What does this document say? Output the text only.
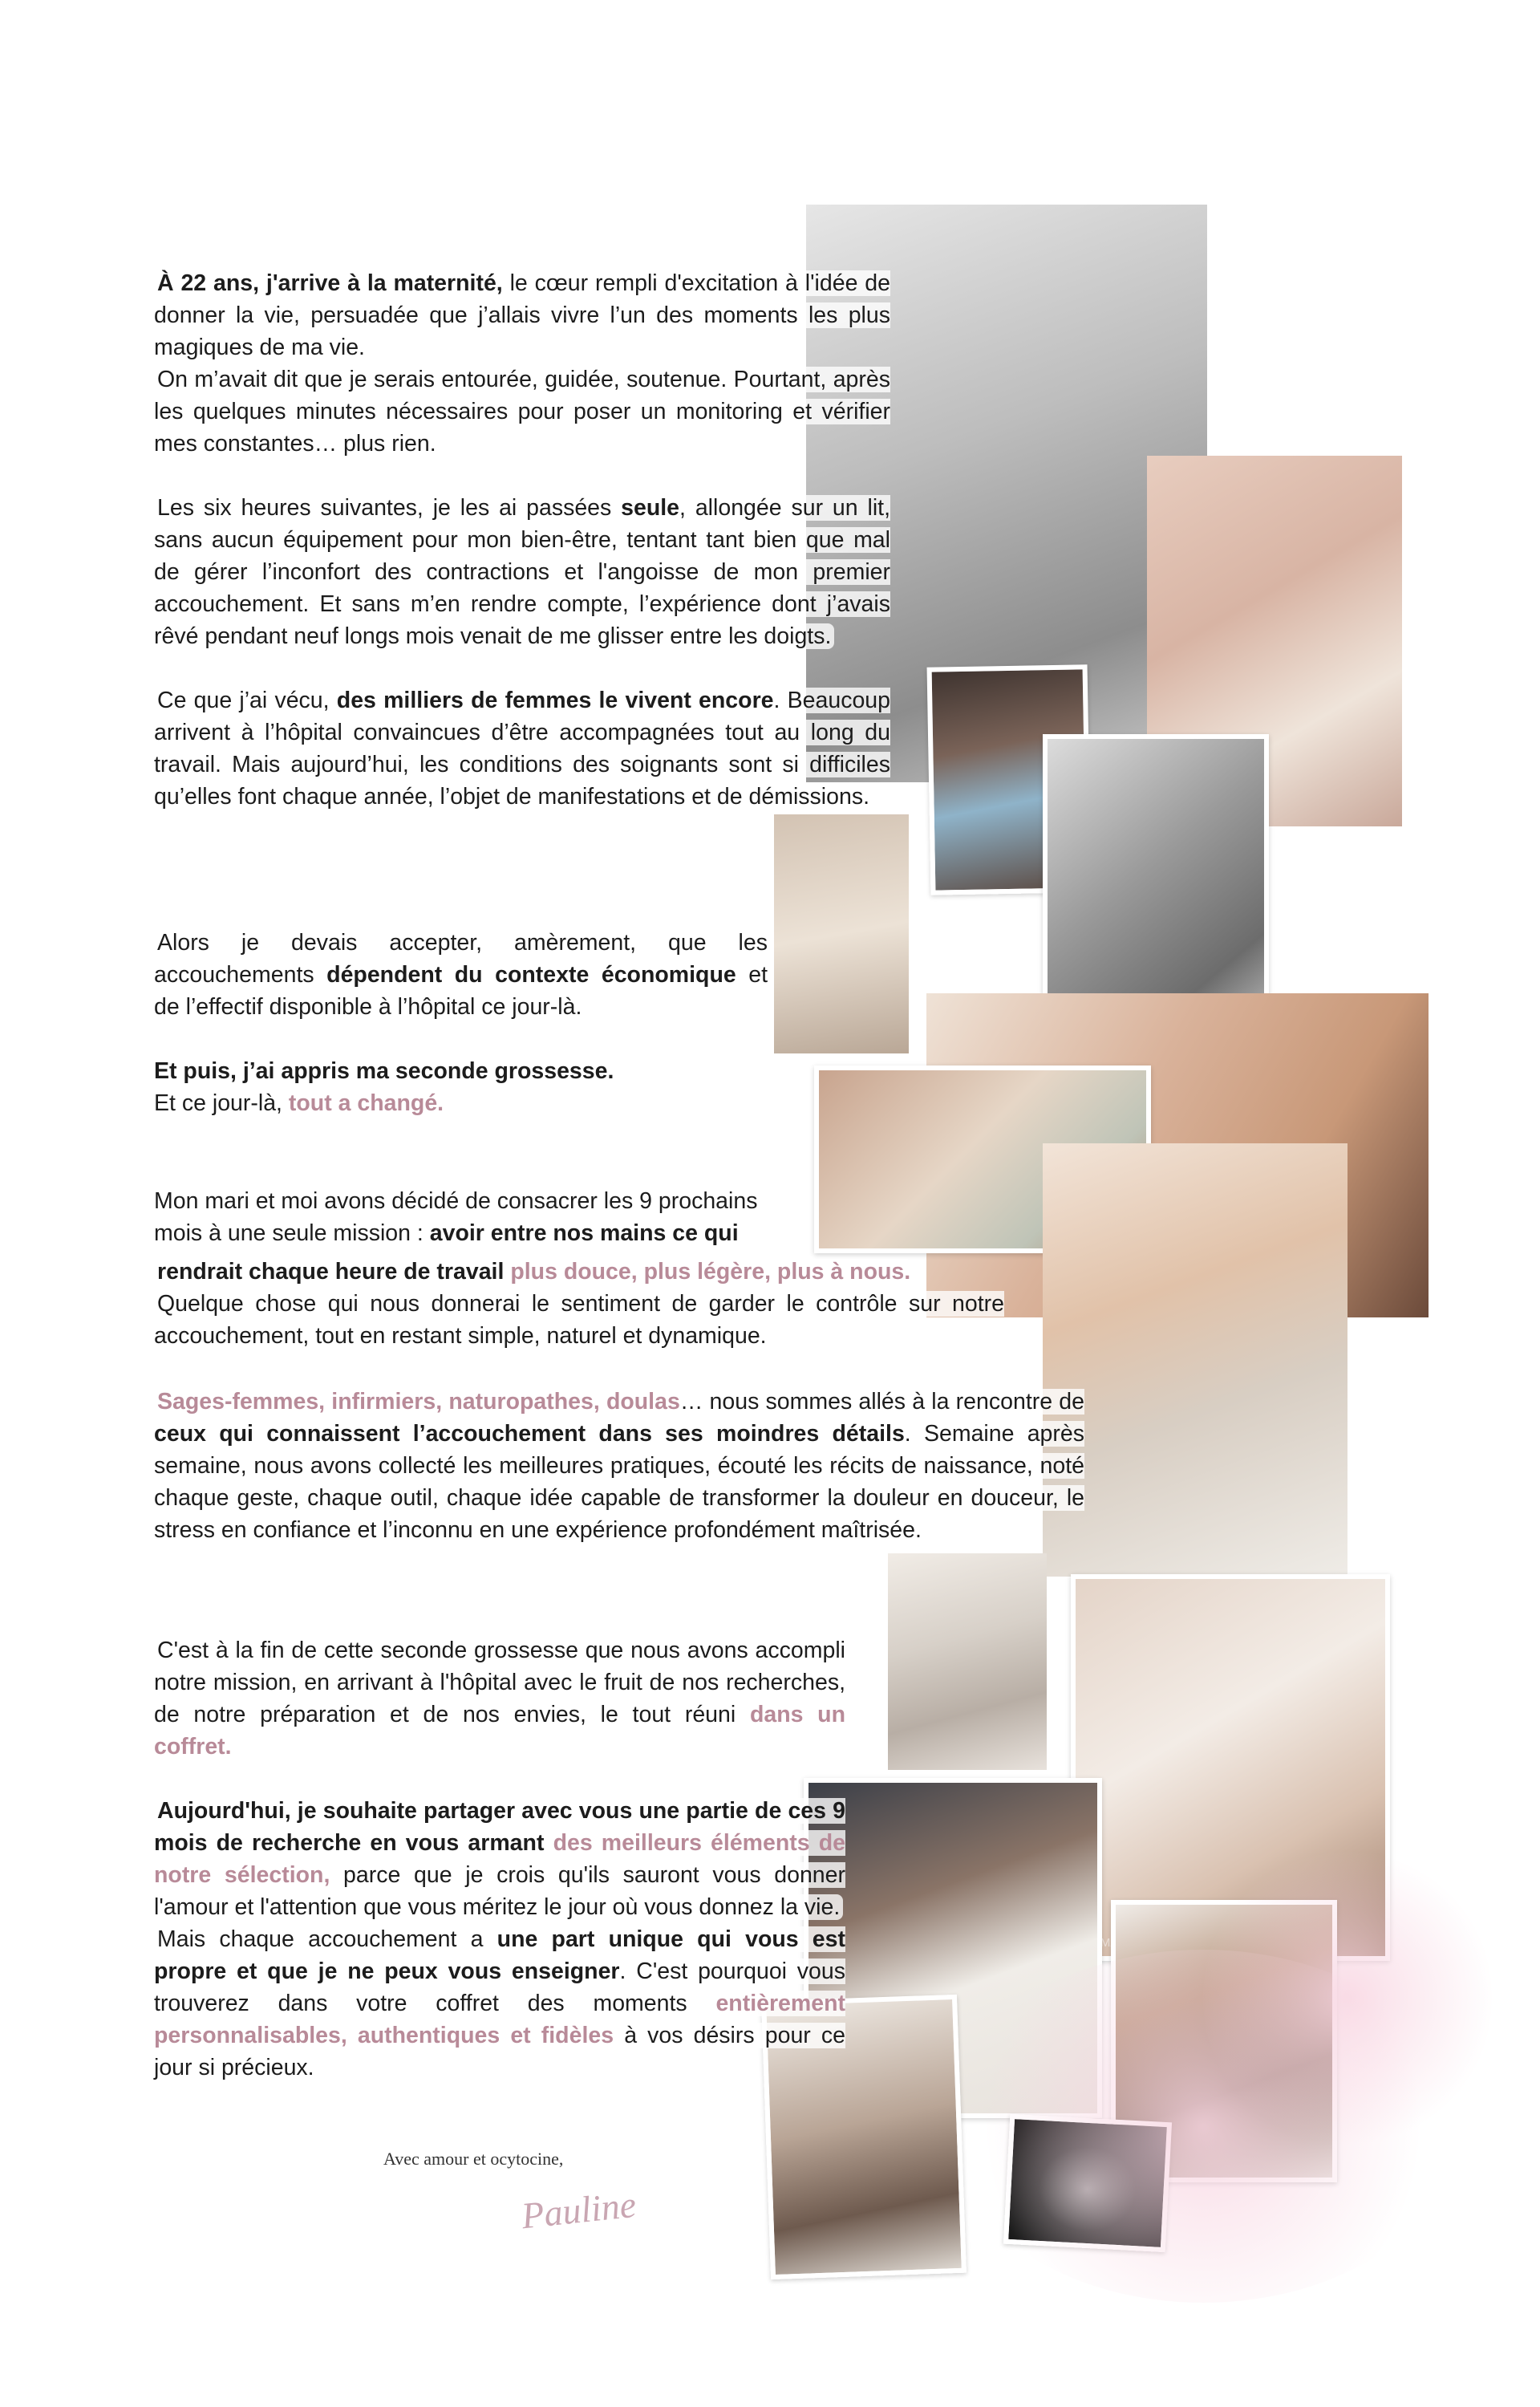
À 22 ans, j'arrive à la maternité, le cœur rempli d'excitation à l'idée de donner la vie, persuadée que j’allais vivre l’un des moments les plus magiques de ma vie.

On m’avait dit que je serais entourée, guidée, soutenue. Pourtant, après les quelques minutes nécessaires pour poser un monitoring et vérifier mes constantes… plus rien.

Les six heures suivantes, je les ai passées seule, allongée sur un lit, sans aucun équipement pour mon bien-être, tentant tant bien que mal de gérer l’inconfort des contractions et l'angoisse de mon premier accouchement. Et sans m’en rendre compte, l’expérience dont j’avais rêvé pendant neuf longs mois venait de me glisser entre les doigts.

Ce que j’ai vécu, des milliers de femmes le vivent encore. Beaucoup arrivent à l’hôpital convaincues d’être accompagnées tout au long du travail. Mais aujourd’hui, les conditions des soignants sont si difficiles qu’elles font chaque année, l’objet de manifestations et de démissions.

Alors je devais accepter, amèrement, que les accouchements dépendent du contexte économique et de l’effectif disponible à l’hôpital ce jour-là.

Et puis, j’ai appris ma seconde grossesse.

Et ce jour-là, tout a changé.

Mon mari et moi avons décidé de consacrer les 9 prochains mois à une seule mission : avoir entre nos mains ce qui

rendrait chaque heure de travail plus douce, plus légère, plus à nous.

Quelque chose qui nous donnerai le sentiment de garder le contrôle sur notre accouchement, tout en restant simple, naturel et dynamique.

Sages-femmes, infirmiers, naturopathes, doulas… nous sommes allés à la rencontre de ceux qui connaissent l’accouchement dans ses moindres détails. Semaine après semaine, nous avons collecté les meilleures pratiques, écouté les récits de naissance, noté chaque geste, chaque outil, chaque idée capable de transformer la douleur en douceur, le stress en confiance et l’inconnu en une expérience profondément maîtrisée.

C'est à la fin de cette seconde grossesse que nous avons accompli notre mission, en arrivant à l'hôpital avec le fruit de nos recherches, de notre préparation et de nos envies, le tout réuni dans un coffret.

Aujourd'hui, je souhaite partager avec vous une partie de ces 9 mois de recherche en vous armant des meilleurs éléments de notre sélection, parce que je crois qu'ils sauront vous donner l'amour et l'attention que vous méritez le jour où vous donnez la vie.

Mais chaque accouchement a une part unique qui vous est propre et que je ne peux vous enseigner. C'est pourquoi vous trouverez dans votre coffret des moments entièrement personnalisables, authentiques et fidèles à vos désirs pour ce jour si précieux.

Avec amour et ocytocine,
Pauline
